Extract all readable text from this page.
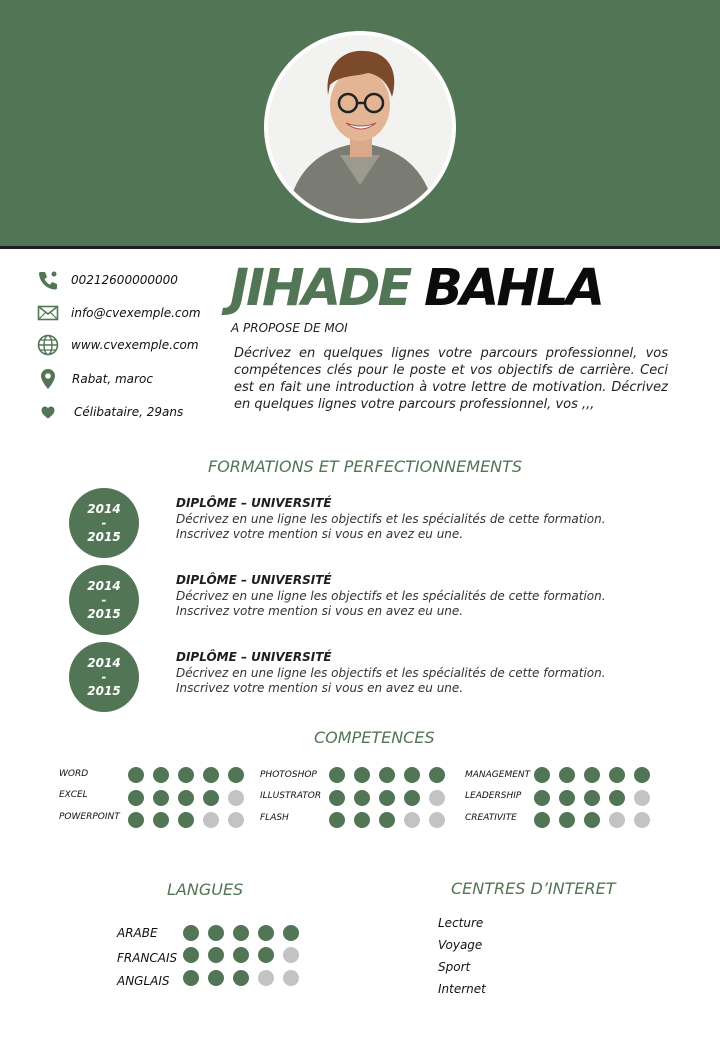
00212600000000
info@cvexemple.com
www.cvexemple.com
Rabat, maroc
Célibataire, 29ans
JIHADE BAHLA
A PROPOSE DE MOI
Décrivez en quelques lignes votre parcours professionnel, vos compétences clés pour le poste et vos objectifs de carrière. Ceci est en fait une introduction à votre lettre de motivation. Décrivez en quelques lignes votre parcours professionnel, vos ,,,
FORMATIONS ET PERFECTIONNEMENTS
2014
-
2015
DIPLÔME – UNIVERSITÉ
Décrivez en une ligne les objectifs et les spécialités de cette formation. Inscrivez votre mention si vous en avez eu une.
2014
-
2015
DIPLÔME – UNIVERSITÉ
Décrivez en une ligne les objectifs et les spécialités de cette formation. Inscrivez votre mention si vous en avez eu une.
2014
-
2015
DIPLÔME – UNIVERSITÉ
Décrivez en une ligne les objectifs et les spécialités de cette formation. Inscrivez votre mention si vous en avez eu une.
COMPETENCES
WORD
EXCEL
POWERPOINT
PHOTOSHOP
ILLUSTRATOR
FLASH
MANAGEMENT
LEADERSHIP
CREATIVITE
LANGUES
ARABE
FRANCAIS
ANGLAIS
CENTRES D’INTERET
Lecture
Voyage
Sport
Internet
